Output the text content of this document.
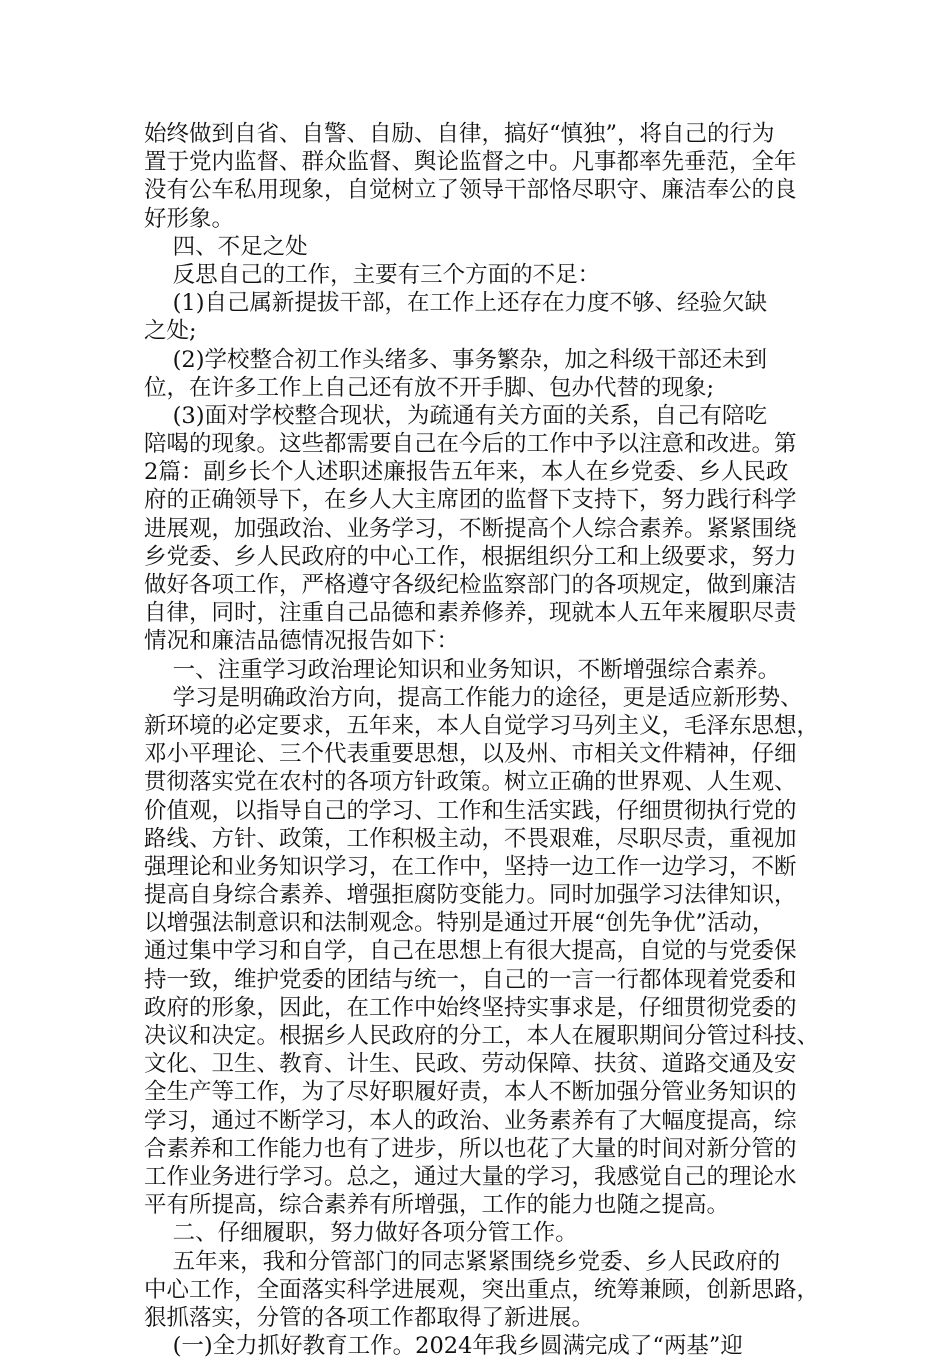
始终做到自省、自警、自励、自律，搞好“慎独”，将自己的行为
置于党内监督、群众监督、舆论监督之中。凡事都率先垂范，全年
没有公车私用现象，自觉树立了领导干部恪尽职守、廉洁奉公的良
好形象。
四、不足之处
反思自己的工作，主要有三个方面的不足：
(1)自己属新提拔干部，在工作上还存在力度不够、经验欠缺
之处;
(2)学校整合初工作头绪多、事务繁杂，加之科级干部还未到
位，在许多工作上自己还有放不开手脚、包办代替的现象;
(3)面对学校整合现状，为疏通有关方面的关系，自己有陪吃
陪喝的现象。这些都需要自己在今后的工作中予以注意和改进。第
2篇：副乡长个人述职述廉报告五年来，本人在乡党委、乡人民政
府的正确领导下，在乡人大主席团的监督下支持下，努力践行科学
进展观，加强政治、业务学习，不断提高个人综合素养。紧紧围绕
乡党委、乡人民政府的中心工作，根据组织分工和上级要求，努力
做好各项工作，严格遵守各级纪检监察部门的各项规定，做到廉洁
自律，同时，注重自己品德和素养修养，现就本人五年来履职尽责
情况和廉洁品德情况报告如下：
一、注重学习政治理论知识和业务知识，不断增强综合素养。
学习是明确政治方向，提高工作能力的途径，更是适应新形势、
新环境的必定要求，五年来，本人自觉学习马列主义，毛泽东思想，
邓小平理论、三个代表重要思想，以及州、市相关文件精神，仔细
贯彻落实党在农村的各项方针政策。树立正确的世界观、人生观、
价值观，以指导自己的学习、工作和生活实践，仔细贯彻执行党的
路线、方针、政策，工作积极主动，不畏艰难，尽职尽责，重视加
强理论和业务知识学习，在工作中，坚持一边工作一边学习，不断
提高自身综合素养、增强拒腐防变能力。同时加强学习法律知识，
以增强法制意识和法制观念。特别是通过开展“创先争优”活动，
通过集中学习和自学，自己在思想上有很大提高，自觉的与党委保
持一致，维护党委的团结与统一，自己的一言一行都体现着党委和
政府的形象，因此，在工作中始终坚持实事求是，仔细贯彻党委的
决议和决定。根据乡人民政府的分工，本人在履职期间分管过科技、
文化、卫生、教育、计生、民政、劳动保障、扶贫、道路交通及安
全生产等工作，为了尽好职履好责，本人不断加强分管业务知识的
学习，通过不断学习，本人的政治、业务素养有了大幅度提高，综
合素养和工作能力也有了进步，所以也花了大量的时间对新分管的
工作业务进行学习。总之，通过大量的学习，我感觉自己的理论水
平有所提高，综合素养有所增强，工作的能力也随之提高。
二、仔细履职，努力做好各项分管工作。
五年来，我和分管部门的同志紧紧围绕乡党委、乡人民政府的
中心工作，全面落实科学进展观，突出重点，统筹兼顾，创新思路，
狠抓落实，分管的各项工作都取得了新进展。
(一)全力抓好教育工作。2024年我乡圆满完成了“两基”迎
